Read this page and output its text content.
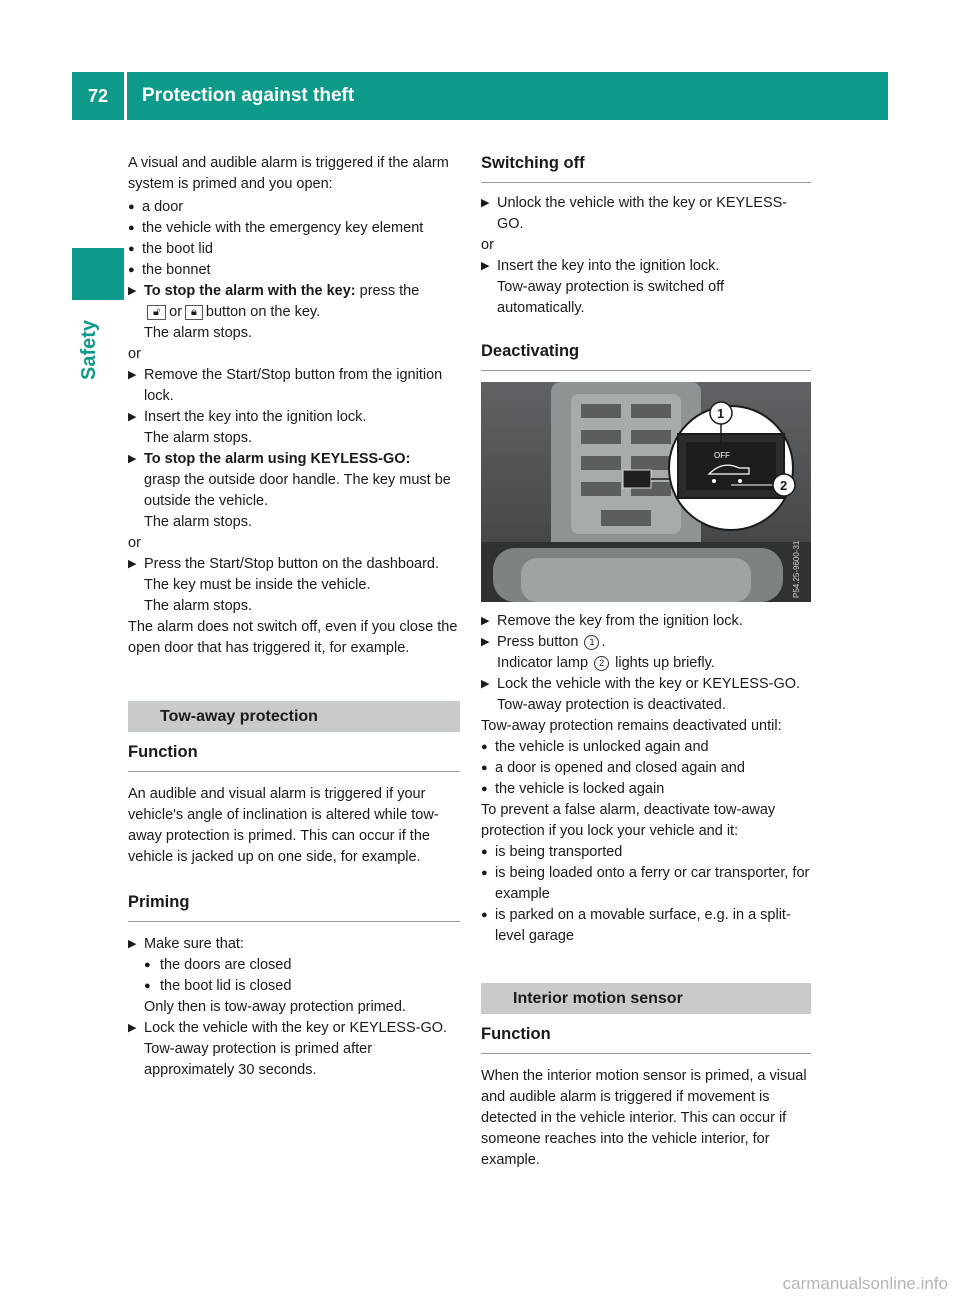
72	Protection against theft
Safety

A visual and audible alarm is triggered if the alarm system is primed and you open:

● a door
● the vehicle with the emergency key element
● the boot lid
● the bonnet
▶ To stop the alarm with the key: press the
🔓︎ or 🔒︎ button on the key.
The alarm stops.

or

▶ Remove the Start/Stop button from the ignition lock.
▶ Insert the key into the ignition lock.
The alarm stops.
▶ To stop the alarm using KEYLESS-GO:
grasp the outside door handle. The key must be outside the vehicle.
The alarm stops.

or

▶ Press the Start/Stop button on the dashboard. The key must be inside the vehicle.
The alarm stops.

The alarm does not switch off, even if you close the open door that has triggered it, for example.

Tow-away protection
Function

An audible and visual alarm is triggered if your vehicle's angle of inclination is altered while tow-away protection is primed. This can occur if the vehicle is jacked up on one side, for example.

Priming
▶ Make sure that:
● the doors are closed
● the boot lid is closed
Only then is tow-away protection primed.
▶ Lock the vehicle with the key or KEYLESS-GO.
Tow-away protection is primed after approximately 30 seconds.
Switching off
▶ Unlock the vehicle with the key or KEYLESS-GO.

or

▶ Insert the key into the ignition lock.
Tow-away protection is switched off automatically.
Deactivating
OFF
1
2
P54.25-9600-31
▶ Remove the key from the ignition lock.
▶ Press button 1 .
Indicator lamp 2 lights up briefly.
▶ Lock the vehicle with the key or KEYLESS-GO.
Tow-away protection is deactivated.

Tow-away protection remains deactivated until:

● the vehicle is unlocked again and
● a door is opened and closed again and
● the vehicle is locked again

To prevent a false alarm, deactivate tow-away protection if you lock your vehicle and it:

● is being transported
● is being loaded onto a ferry or car transporter, for example
● is parked on a movable surface, e.g. in a split-level garage
Interior motion sensor
Function

When the interior motion sensor is primed, a visual and audible alarm is triggered if movement is detected in the vehicle interior. This can occur if someone reaches into the vehicle interior, for example.

carmanualsonline.info
